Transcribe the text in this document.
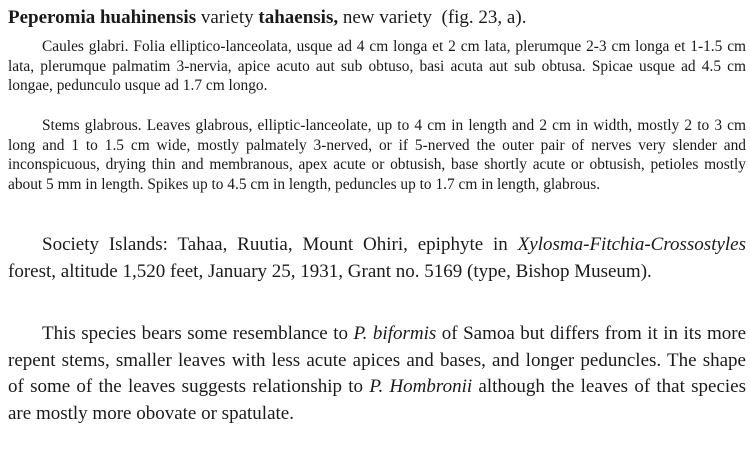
Peperomia huahinensis variety tahaensis, new variety (fig. 23, a).
Caules glabri. Folia elliptico-lanceolata, usque ad 4 cm longa et 2 cm lata, plerumque 2-3 cm longa et 1-1.5 cm lata, plerumque palmatim 3-nervia, apice acuto aut sub obtuso, basi acuta aut sub obtusa. Spicae usque ad 4.5 cm longae, pedunculo usque ad 1.7 cm longo.
Stems glabrous. Leaves glabrous, elliptic-lanceolate, up to 4 cm in length and 2 cm in width, mostly 2 to 3 cm long and 1 to 1.5 cm wide, mostly palmately 3-nerved, or if 5-nerved the outer pair of nerves very slender and inconspicuous, drying thin and membranous, apex acute or obtusish, base shortly acute or obtusish, petioles mostly about 5 mm in length. Spikes up to 4.5 cm in length, peduncles up to 1.7 cm in length, glabrous.
Society Islands: Tahaa, Ruutia, Mount Ohiri, epiphyte in Xylosma-Fitchia-Crossostyles forest, altitude 1,520 feet, January 25, 1931, Grant no. 5169 (type, Bishop Museum).
This species bears some resemblance to P. biformis of Samoa but differs from it in its more repent stems, smaller leaves with less acute apices and bases, and longer peduncles. The shape of some of the leaves suggests relationship to P. Hombronii although the leaves of that species are mostly more obovate or spatulate.
